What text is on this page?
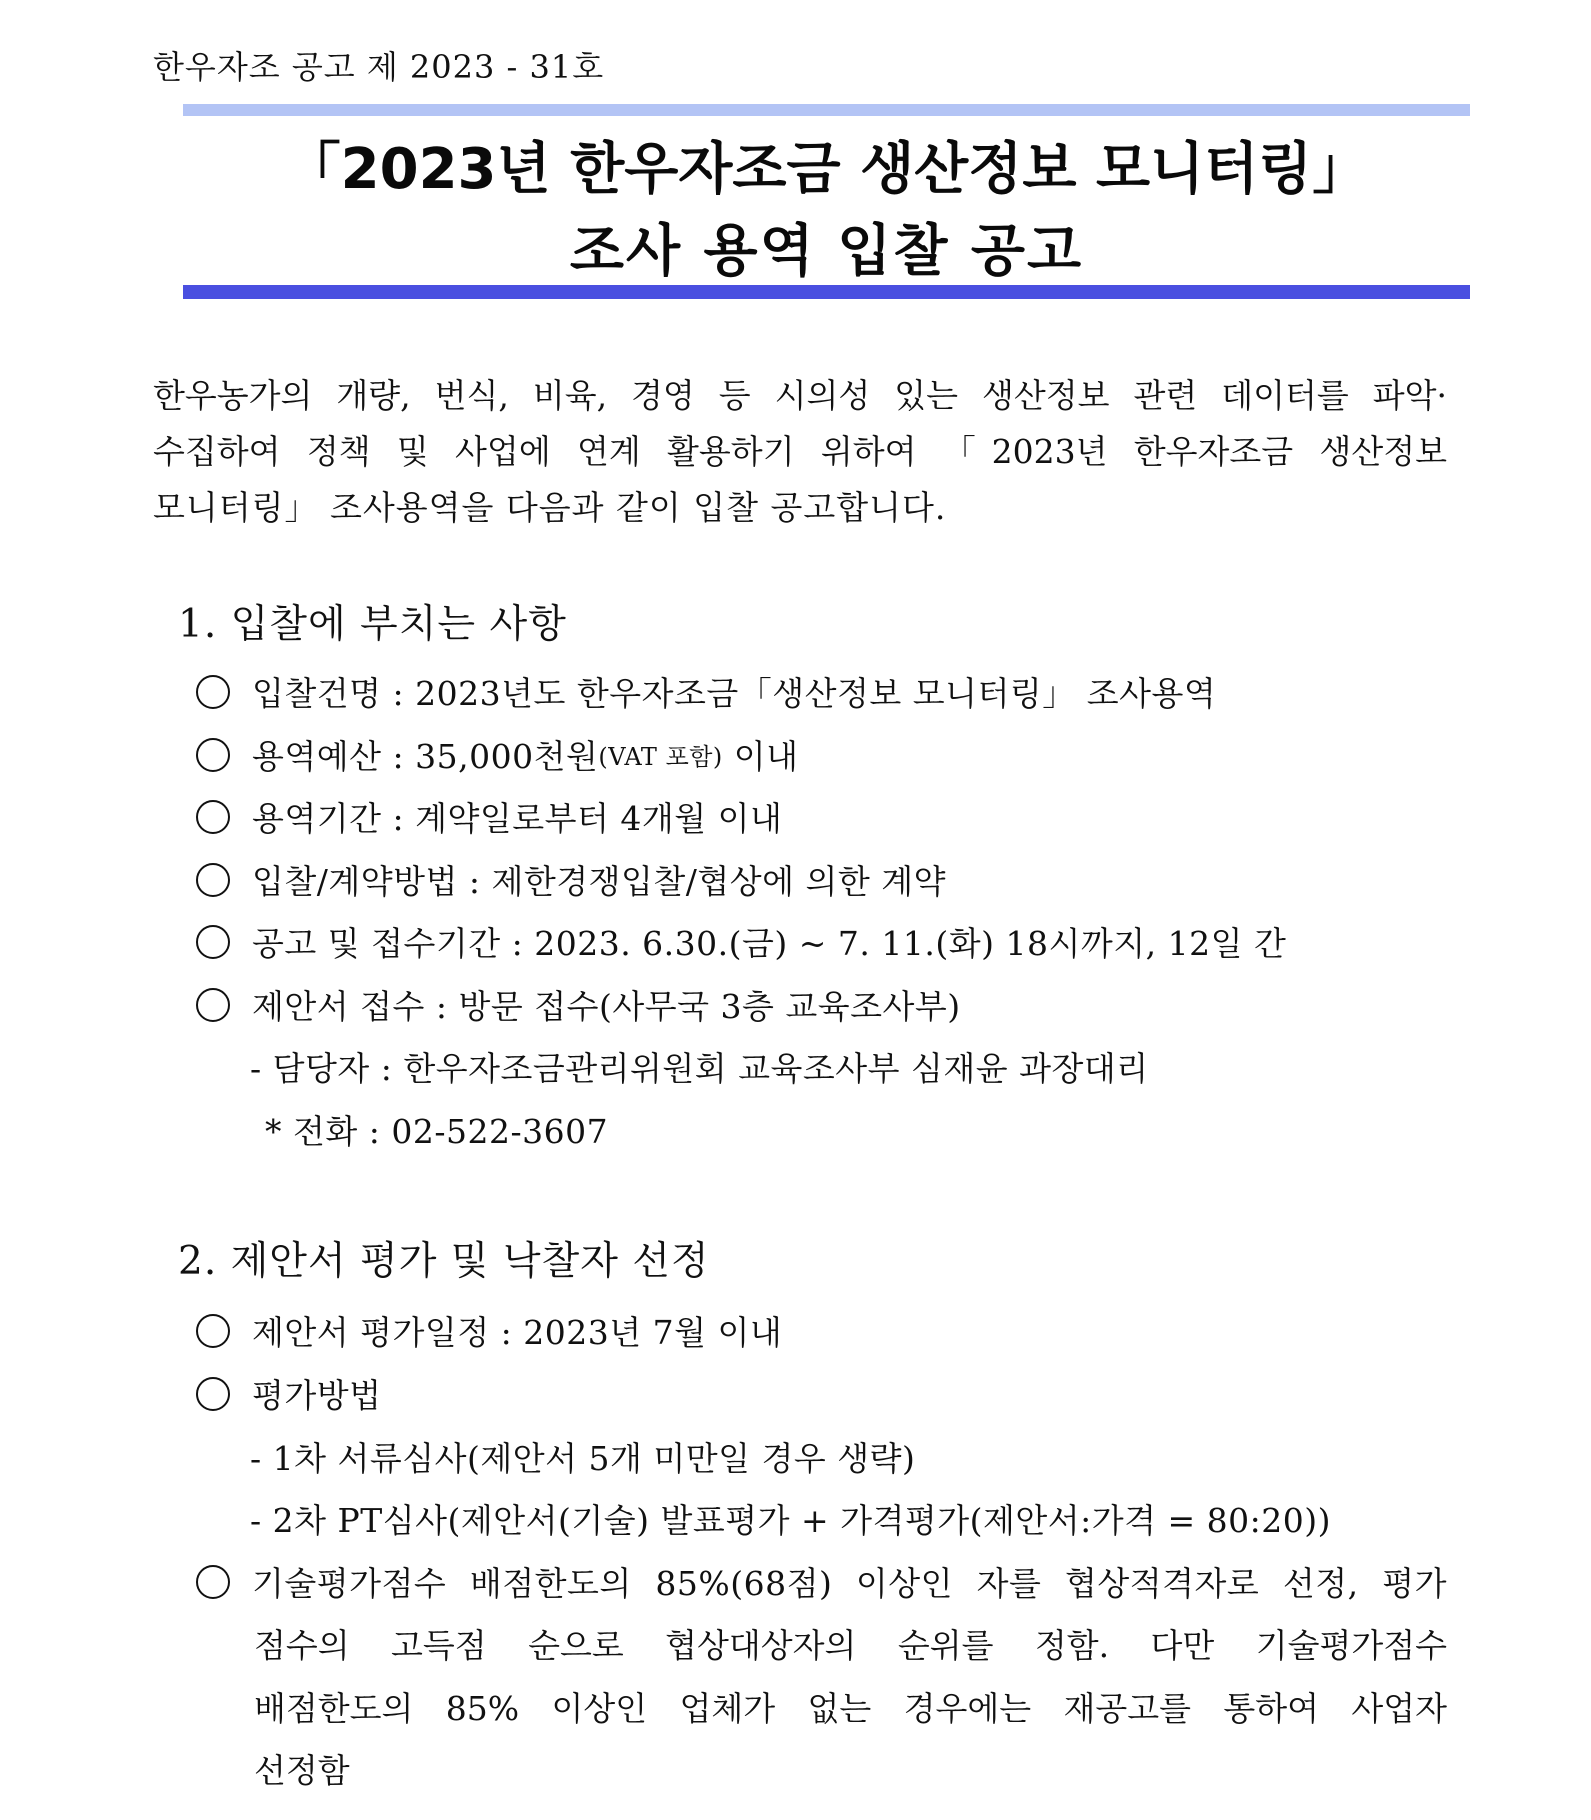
한우자조 공고 제 2023 - 31호
「2023년 한우자조금 생산정보 모니터링」
조사 용역 입찰 공고
한우농가의 개량, 번식, 비육, 경영 등 시의성 있는 생산정보 관련 데이터를 파악·
수집하여 정책 및 사업에 연계 활용하기 위하여 「2023년 한우자조금 생산정보
모니터링」 조사용역을 다음과 같이 입찰 공고합니다.
1. 입찰에 부치는 사항
입찰건명 : 2023년도 한우자조금「생산정보 모니터링」 조사용역
용역예산 : 35,000천원 (VAT 포함) 이내
용역기간 : 계약일로부터 4개월 이내
입찰/계약방법 : 제한경쟁입찰/협상에 의한 계약
공고 및 접수기간 : 2023. 6.30.(금) ~ 7. 11.(화) 18시까지, 12일 간
제안서 접수 : 방문 접수(사무국 3층 교육조사부)
- 담당자 : 한우자조금관리위원회 교육조사부 심재윤 과장대리
* 전화 : 02-522-3607
2. 제안서 평가 및 낙찰자 선정
제안서 평가일정 : 2023년 7월 이내
평가방법
- 1차 서류심사(제안서 5개 미만일 경우 생략)
- 2차 PT심사(제안서(기술) 발표평가 + 가격평가(제안서:가격 = 80:20))
기술평가점수 배점한도의 85%(68점) 이상인 자를 협상적격자로 선정, 평가
점수의 고득점 순으로 협상대상자의 순위를 정함. 다만 기술평가점수
배점한도의 85% 이상인 업체가 없는 경우에는 재공고를 통하여 사업자
선정함
